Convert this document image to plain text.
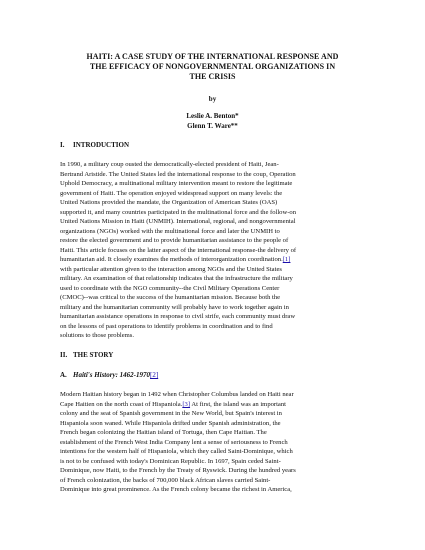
HAITI: A CASE STUDY OF THE INTERNATIONAL RESPONSE AND
THE EFFICACY OF NONGOVERNMENTAL ORGANIZATIONS IN
THE CRISIS
by
Leslie A. Benton*
Glenn T. Ware**
I. INTRODUCTION
In 1990, a military coup ousted the democratically-elected president of Haiti, Jean-
Bertrand Aristide. The United States led the international response to the coup, Operation
Uphold Democracy, a multinational military intervention meant to restore the legitimate
government of Haiti. The operation enjoyed widespread support on many levels: the
United Nations provided the mandate, the Organization of American States (OAS)
supported it, and many countries participated in the multinational force and the follow-on
United Nations Mission in Haiti (UNMIH). International, regional, and nongovernmental
organizations (NGOs) worked with the multinational force and later the UNMIH to
restore the elected government and to provide humanitarian assistance to the people of
Haiti. This article focuses on the latter aspect of the international response-the delivery of
humanitarian aid. It closely examines the methods of interorganization coordination.[1]
with particular attention given to the interaction among NGOs and the United States
military. An examination of that relationship indicates that the infrastructure the military
used to coordinate with the NGO community--the Civil Military Operations Center
(CMOC)--was critical to the success of the humanitarian mission. Because both the
military and the humanitarian community will probably have to work together again in
humanitarian assistance operations in response to civil strife, each community must draw
on the lessons of past operations to identify problems in coordination and to find
solutions to those problems.
II. THE STORY
A. Haiti's History: 1462-1970[2]
Modern Haitian history began in 1492 when Christopher Columbus landed on Haiti near
Cape Haitien on the north coast of Hispaniola.[3] At first, the island was an important
colony and the seat of Spanish government in the New World, but Spain's interest in
Hispaniola soon waned. While Hispaniola drifted under Spanish administration, the
French began colonizing the Haitian island of Tortuga, then Cape Haitian. The
establishment of the French West India Company lent a sense of seriousness to French
intentions for the western half of Hispaniola, which they called Saint-Dominique, which
is not to be confused with today's Dominican Republic. In 1697, Spain ceded Saint-
Dominique, now Haiti, to the French by the Treaty of Ryswick. During the hundred years
of French colonization, the backs of 700,000 black African slaves carried Saint-
Dominique into great prominence. As the French colony became the richest in America,
